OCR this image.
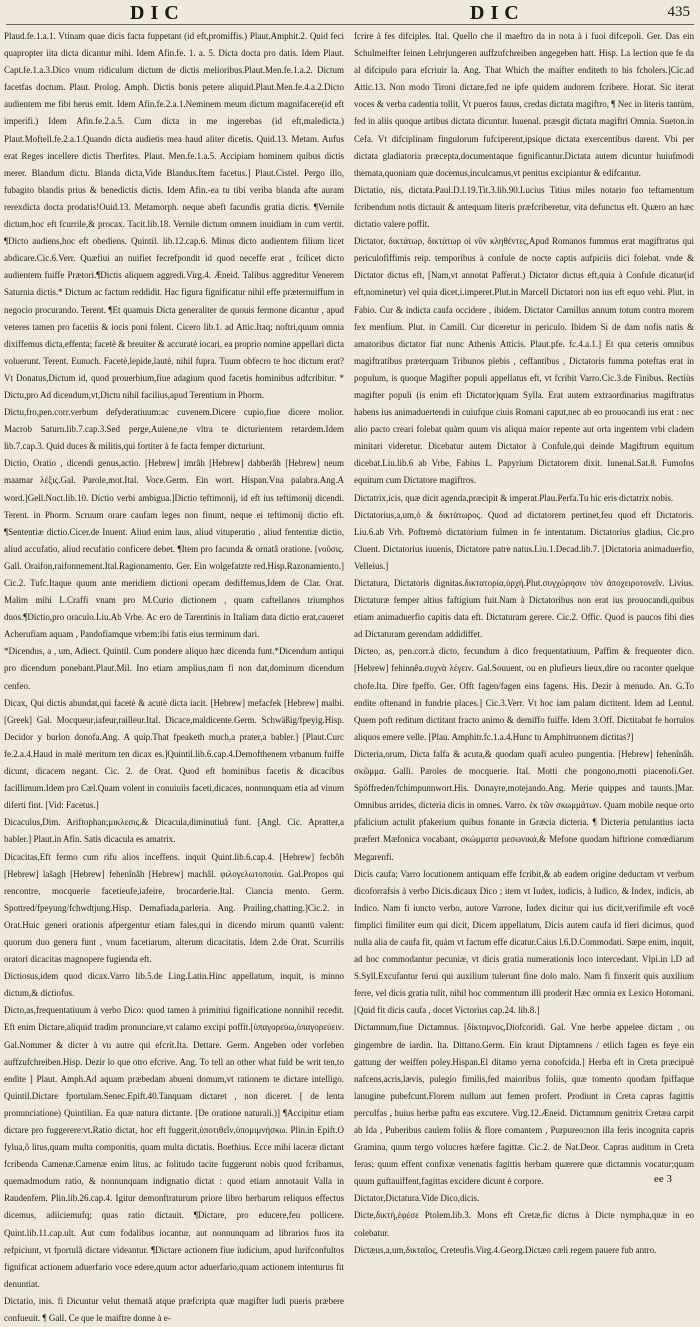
DIC	DIC	435

Plaud.fe.1.a.1. Vtinam quae dicis facta fuppetant (id eft,promiffis.) Plaut.Amphit.2. Quid feci quapropter iita dicta dicantur mihi. Idem Afin.fe. 1. a. 5. Dicta docta pro datis. Idem Plaut. Capt.fe.1.a.3.Dico vnum ridiculum dictum de dictis melioribus.Plaut.Men.fe.1.a.2. Dictum facetfas doctum. Plaut. Prolog. Amph. Dictis bonis petere aliquid.Plaut.Men.fe.4.a.2.Dicto audientem me fibi herus emit. Idem Afin.fe.2.a.1.Neminem meum dictum magnifacere(id eft imperifi.) Idem Afin.fe.2.a.5. Cum dicta in me ingerebas (id eft,maledicta.) Plaut.Moftell.fe.2.a.1.Quando dicta audietis mea haud aliter dicetis. Quid.13. Metam. Aufus erat Reges incellere dictis Therfites. Plaut. Men.fe.1.a.5. Accipiam hominem quibus dictis merer. Blandum dictu. Blanda dicta,Vide Blandus.Item facetus.] Plaut.Cistel. Pergo illo, fubagito blandis prius & benedictis dictis. Idem Afin.-ea tu tibi veriba blanda afte auram rerexdicta docta prodatis!Ouid.13. Metamorph. neque abeft facundis gratia dictis. ¶Vernile dictum,hoc eft fcurrile,& procax. Tacit.lib.18. Vernile dictum omnem inuidiam in cum vertit. ¶Dicto audiens,hoc eft obediens. Quintil. lib.12.cap.6. Minus dicto audientem filium licet abdicare.Cic.6.Verr. Quæfiui an nuifiet fecrefpondit id quod neceffe erat , fcilicet dicto audientem fuiffe Prætori.¶Dictis aliquem aggredi.Virg.4. Æneid. Talibus aggreditur Venerem Saturnia dictis.* Dictum ac factum reddidit. Hac figura fignificatur nihil effe præternuiffum in negocio procurando. Terent. ¶Et quamuis Dicta generaliter de quouis fermone dicantur , apud veteres tamen pro facetiis & iocis poni folent. Cicero lib.1. ad Attic.Itaq; noftri,quum omnia dixiffemus dicta,effenta; facetè & breuiter & accuratè iocari, ea proprio nomine appellari dicta voluerunt. Terent. Eunuch. Facetè,lepide,lautè, nihil fupra. Tuum obfecro te hoc dictum erat? Vt Donatus,Dictum id, quod prouerbium,fiue adagium quod facetis hominibus adfcribitur. * Dictu,pro Ad dicendum,vt,Dictu nihil facilius,apud Terentium in Phorm.

Dictu,fro,pen.corr.verbum defyderatiuum:ac cuvenem.Dicere cupio,fiue dicere molior. Macrob Saturn.lib.7.cap.3.Sed perge,Auiene,ne vltra te dicturientem retardem.Idem lib.7.cap.3. Quid duces & militis,qui fortiter à fe facta femper dicturiunt.

Dictio, Oratio , dicendi genus,actio. [Hebrew] imrâh [Hebrew] dabberâh [Hebrew] neum maamar λέξις.Gal. Parole,mot.Ital. Voce.Germ. Ein wort. Hispan.Vna palabra.Ang.A word.]Gell.Noct.lib.10. Dictio verbi ambigua.]Dictio teftimonij, id eft ius teftimonij dicendi. Terent. in Phorm. Scruum orare caufam leges non finunt, neque ei teftimonij dictio eft. ¶Sententiæ dictio.Cicer.de Inuent. Aliud enim laus, aliud vituperatio , aliud fententiæ dictio, aliud accufatio, aliud recufatio conficere debet. ¶Item pro facunda & ornatâ oratione. [νοῦσις. Gall. Oraifon,raifonnement.Ital.Ragionamento. Ger. Ein wolgefatzte red.Hisp.Razonamiento.] Cic.2. Tufc.Itaque quum ante meridiem dictioni operam dediffemus,Idem de Clar. Orat. Malim mihi L.Craffi vnam pro M.Curio dictionem , quam caftellanos triumphos duos.¶Dictio,pro oraculo.Liu.Ab Vrbe. Ac ero de Tarentinis in Italiam data dictio erat,caueret Acherufiam aquam , Pandofiamque vrbem:ibi fatis eius terminum dari.

*Dicendus, a , um, Adiect. Quintil. Cum pondere aliquo hæc dicenda funt.*Dicendum antiqui pro dicendum ponebant.Plaut.Mil. Ino etiam amplius,nam fi non dat,dominum dicendum cenfeo.

Dicax, Qui dictis abundat,qui facetè & acutè dicta iacit. [Hebrew] mefacfek [Hebrew] malbi.[Greek] Gal. Mocqueur,iafeur,railleur.Ital. Dicace,maldicente.Germ. Schwäßig/fpeyig.Hisp. Decidor y burlon donofa.Ang. A quip.That fpeaketh much,a prater,a babler.] [Plaut.Curc fe.2.a.4.Haud in malè meritum ten dicax es.]Quintil.lib.6.cap.4.Demofthenem vrbanum fuiffe dicunt, dicacem negant. Cic. 2. de Orat. Quod eft hominibus facetis & dicacibus facillimum.Idem pro Cæl.Quam volent in conuiuiis faceti,dicaces, nonnunquam etia ad vinum diferti fint. [Vid: Facetus.]

Dicaculus,Dim. Ariftophan;μικλεσις.& Dicacula,diminutiuã funt. [Angl. Cic. Apratter,a babler.] Plaut.in Afin. Satis dicacula es amatrix.

Dicacitas,Eft fermo cum rifu alios inceffens. inquit Quint.lib.6.cap.4. [Hebrew] fecbôh [Hebrew] lašagh [Hebrew] fehenînâh [Hebrew] machâl. φιλογελωτοποιία. Gal.Propos qui rencontre, mocquerie facetieufe,iafeire, brocarderie.Ital. Ciancia mento. Germ. Spottred/fpeyung/fchwdtjung.Hisp. Demafiada,parleria. Ang. Prailing,chatting.]Cic.2. in Orat.Huic generi orationis afpergentur etiam fales,qui in dicendo mirum quantū valent: quorum duo genera funt , vnum facetiarum, alterum dicacitatis. Idem 2.de Orat. Scurrilis oratori dicacitas magnopere fugienda eft.

Dictiosus,idem quod dicax.Varro lib.5.de Ling.Latin.Hinc appellatum, inquit, is minno dictum,& dictiofus.

Dicto,as,frequentatiuum à verbo Dico: quod tamen à primitiui fignificatione nonnihil recedit. Eft enim Dictare,aliquid tradim pronunciare,vt calamo excipi poffit.[ὑπαγορεύω,ὑπαγορεύειν. Gal.Nommer & dicter à vn autre qui efcrit.Ita. Dettare. Germ. Angeben oder vorfeben auffzufchreiben.Hisp. Dezir lo que otro efcrive. Ang. To tell an other what fuld be writ ten,to endite ] Plaut. Amph.Ad aquam præbedam abueni domum,vt rationem te dictare intelligo. Quintil.Dictare fportulam.Senec.Epift.40.Tanquam dictaret , non diceret. [ de lenta pronunciatione) Quintilian. Ea quæ natura dictante. [De oratione naturali.)] ¶Accipitur etiam dictare pro fuggerere:vt.Ratio dictat, hoc eft fuggerit,ὑποτιθεῖν,ὑπομιμνήσκω. Plin.in Epift.O fylua,ô litus,quam multa componitis, quam multa dictatis. Boethius. Ecce mihi laceræ dictant fcribenda Camenæ.Camenæ enim litus, ac folitudo tacite fuggerunt nobis quod fcribamus, quemadmodum ratio, & nonnunquam indignatio dictat : quod etiam annotauit Valla in Raudenfem. Plin.lib.26.cap.4. Igitur demonftraturum priore libro herbarum reliquos effectus dicemus, adiiciemufq; quas ratio dictauit. ¶Dictare, pro educere,feu pollicere. Quint.lib.11.cap.ult. Aut cum fodalibus iocantur, aut nonnunquam ad librarios fuos ita refpiciunt, vt fportulã dictare videantur. ¶Dictare actionem fiue iudicium, apud Iurifconfultos fignificat actionem aduerfario voce edere,quum actor aduerfario,quam actionem intenturus fit denuntiat.

Dictatio, inis. fi Dicuntur velut thematã atque præfcripta quæ magifter ludi pueris præbere confueuit. ¶ Gall. Ce que le maiftre donne à e-

fcrire à fes difciples. Ital. Quello che il maeftro da in nota à i fuoi difcepoli. Ger. Das ein Schulmeifter feinen Lehrjungeren auffzufchreiben angegeben hatt. Hisp. La lection que fe da al difcipulo para efcriuir la. Ang. That Which the maifter enditeth to his fcholers.]Cic.ad Attic.13. Non modo Tironi dictare,fed ne ipfe quidem audorem fcribere. Horat. Sic iterat voces & verba cadentia tollit, Vt pueros fauus, credas dictata magiftro, ¶ Nec in literis tantùm, fed in aliis quoque artibus dictata dicuntur. Iuuenal. præsgit dictata magiftri Omnia. Sueton.in Cefa. Vt difciplinam fingulorum fufciperent,ipsique dictata exercentibus darent. Vbi per dictata gladiatoria præcepta,documentaque fignificantur.Dictata autem dicuntur huiufmodi themata,quoniam quæ docemus,inculcamus,vt penitus excipiantur & edifcantur.

Dictatio, nis, dictata.Paul.D.l.19.Tit.3.lib.90.Lucius Titius miles notario fuo teftamentum fcribendum notis dictauit & antequam literis præfcriberetur, vita defunctus eft. Quæro an hæc dictatio valere poffit.

Dictator, δικτάτωρ, δικτάτωρ οἱ νῦν κληθέντες,Apud Romanos fummus erat magiftratus qui periculofiffimis reip. temporibus à confule de nocte captis aufpiciis dici folebat. vnde & Dictator dictus eft, [Nam,vt annotat Pafferat.) Dictator dictus eft,quia à Confule dicatur(id eft,nominetur) vel quia dicet,i.imperet.Plut.in Marcell Dictatori non ius eft equo vehi. Plut. in Fabio. Cur & indicta caufa occidere , ibidem. Dictator Camillus annum totum contra morem fex menfium. Plut. in Camill. Cur diceretur in periculo. Ibidem Si de dam nofis natis & amatoribus dictator fiat nunc Athenis Atticis. Plaut.pfe. fc.4.a.1.] Et qua ceteris omnibus magiftratibus præterquam Tribunos plebis , ceffantibus , Dictatoris fumma poteftas erat in populum, is quoque Magifter populi appellatus eft, vt fcribit Varro.Cic.3.de Finibus. Rectiùs magifter populi (is enim eft Dictator)quam Sylla. Erat autem extraordinarius magiftratus habens ius animaduertendi in cuiufque ciuis Romani caput,nec ab eo prouocandi ius erat : nec alio pacto creari folebat quàm quum vis aliqua maior repente aut orta ingentem vrbi cladem minitari videretur. Dicebatur autem Dictator à Confule,qui deinde Magiftrum equitum dicebat.Liu.lib.6 ab Vrbe, Fabius L. Papyrium Dictatorem dixit. Iunenal.Sat.8. Fumofos equitum cum Dictatore magiftros.

Dictatrix,icis, quæ dicit agenda,præcipit & imperat.Plau.Perfa.Tu hic eris dictatrix nobis.

Dictatorius,a,um,ὁ & δικτάτωρος. Quod ad dictatorem pertinet,feu quod eft Dictatoris. Liu.6.ab Vrb. Poftremò dictatorium fulmen in fe intentatum. Dictatorius gladius, Cic.pro Cluent. Dictatorius iuuenis, Dictatore patre natus.Liu.1.Decad.lib.7. [Dictatoria animaduerfio, Velleius.]

Dictatura, Dictatoris dignitas.δικτατορία,ὑρχή.Plut.συγχώρησιν τὸν ἀποχειροτονεῖν. Livius. Dictaturæ femper altius faftigium fuit.Nam à Dictatoribus non erat ius prouocandi,quibus etiam animaduerfio capitis data eft. Dictaturam gerere. Cic.2. Offic. Quod is paucos fibi dies ad Dictaturam gerendam addidiffet.

Dicteo, as, pen.corr.à dicto, fecundum à dico frequentatiuum, Paffim & frequenter dico. [Hebrew] fehinnêa.συχνὰ λέγειν. Gal.Souuent, ou en plufieurs lieux,dire ou raconter quelque chofe.Ita. Dire fpeffo. Ger. Offt fagen/fagen eins fagens. His. Dezir à menudo. An. G.To endite oftenand in fundrie places.] Cic.3.Verr. Vt hoc iam palam dictitent. Idem ad Lentul. Quem poft reditum dictitant fracto animo & demiffo fuiffe. Idem 3.Off. Dictitabat fe hortulos aliquos emere velle. [Plau. Amphitr.fc.1.a.4.Hunc tu Amphitruonem dictitas?]

Dicteria,orum, Dicta falfa & acuta,& quodam quafi aculeo pungentia. [Hebrew] fehenînâh. σκῶμμα. Galli. Paroles de mocquerie. Ital. Motti che pongono,motti piacenoli.Ger. Spöffreden/fchimpunnwort.His. Donayre,motejando.Ang. Merie quippes and taunts.]Mar. Omnibus arrides, dicteria dicis in omnes. Varro. ἐκ τῶν σκωμμάτων. Quam mobile neque orto pfalicium actulit pfakerium quibus fonante in Græcia dicteria. ¶ Dicteria petulantius iacta præfert Mæfonica vocabant, σκώμματα μεσωνικά,& Mefone quodam hiftrione comœdiarum Megarenfi.

Dicis caufa; Varro locutionem antiquam effe fcribit,& ab eadem origine deductam vt verbum dicoforrafsis à verbo Dicis.dicaux Dico ; item vt Iudex, iudicis, à Iudico, & Index, indicis, ab Indico. Nam fi iuncto verbo, autore Varrone, Iudex dicitur qui ius dicit,verifimile eft vocē fimplici fimiliter eum qui dicit, Dicem appellatum, Dicis autem caufa id fieri dicimus, quod nulla alia de caufa fit, quàm vt factum effe dicatur.Caius l.6.D.Commodati. Sæpe enim, inquit, ad hoc commodantur pecuniæ, vt dicis gratia numerationis loco intercedant. Vlpi.in l.D ad S.Syll.Excufantur ferui qui auxilium tulerunt fine dolo malo. Nam fi finxerit quis auxilium ferre, vel dicis gratia tulit, nihil hoc commentum illi proderit Hæc omnia ex Lexico Hotomani. [Quid fit dicis caufa , docet Victorius cap.24. lib.8.]

Dictamnum,fiue Dictamnus. [δίκταμνος,Diofcoridi. Gal. Vne herbe appelee dictam , ou gingembre de iardin. Ita. Dittano.Germ. Ein kraut Diptamnens / etlich fagen es feye ein gattung der weiffen poley.Hispan.El ditamo yerna conofcida.] Herba eft in Creta præcipuè nafcens,acris,lævis, pulegio fimilis,fed maioribus foliis, quæ tomento quodam fpiffaque lanugine pubefcunt.Florem nullum aut femen profert. Prodiunt in Creta capras fagittis perculfas , huius herbæ paftu eas excutere. Virg.12.Æneid. Dictamnum genitrix Cretæa carpit ab Ida , Puberibus caulem foliis & flore comantem , Purpureo:non illa feris incognita capris Gramina, quum tergo volucres hæfere fagittæ. Cic.2. de Nat.Deor. Capras auditum in Creta feras; quum effent confixæ venenatis fagittis herbam quærere quæ dictamnis vocatur;quam quum guftauiffent,fagittas excidere dicunt è corpore.

Dictator,Dictatura.Vide Dico,dicis.

Dicte,δικτή,ἐφέσε Ptolem.lib.3. Mons eft Cretæ,fic dictus à Dicte nympha,quæ in eo colebatur.

Dictæus,a,um,δικταῖος, Creteufis.Virg.4.Georg.Dictæo cæli regem pauere fub antro.

ee 3
